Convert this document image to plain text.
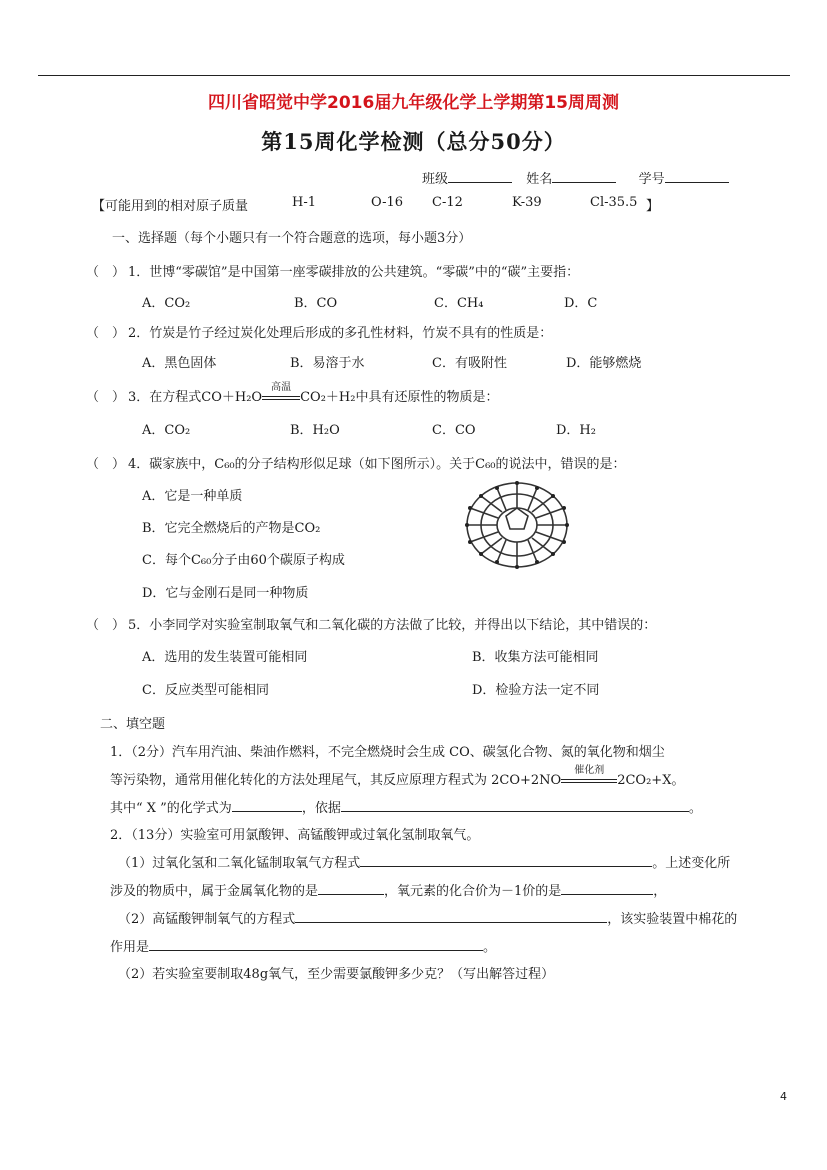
四川省昭觉中学2016届九年级化学上学期第15周周测
第15周化学检测（总分50分）
班级	姓名	学号
【可能用到的相对原子质量	H-1	O-16 C-12	K-39	Cl-35.5 】
一、选择题（每个小题只有一个符合题意的选项，每小题3分）
（ ） 1．世博“零碳馆”是中国第一座零碳排放的公共建筑。“零碳”中的“碳”主要指：
A．CO₂	B．CO	C．CH₄	D．C
（ ） 2．竹炭是竹子经过炭化处理后形成的多孔性材料，竹炭不具有的性质是：
A．黑色固体	B．易溶于水	C．有吸附性	D．能够燃烧
（ ） 3．在方程式CO＋H₂O
高温
CO₂＋H₂中具有还原性的物质是：
A．CO₂	B．H₂O	C．CO	D．H₂
（ ） 4．碳家族中，C₆₀的分子结构形似足球（如下图所示）。关于C₆₀的说法中，错误的是：
A．它是一种单质
B．它完全燃烧后的产物是CO₂
C．每个C₆₀分子由60个碳原子构成
D．它与金刚石是同一种物质
（ ） 5．小李同学对实验室制取氧气和二氧化碳的方法做了比较，并得出以下结论，其中错误的：
A．选用的发生装置可能相同	B．收集方法可能相同
C．反应类型可能相同	D．检验方法一定不同
二、填空题
1．（2分）汽车用汽油、柴油作燃料，不完全燃烧时会生成 CO、碳氢化合物、氮的氧化物和烟尘
等污染物，通常用催化转化的方法处理尾气，其反应原理方程式为 2CO+2NO
催化剂
2CO₂+X。
其中“ X ”的化学式为	，依据	。
2．（13分）实验室可用氯酸钾、高锰酸钾或过氧化氢制取氧气。
（1）过氧化氢和二氧化锰制取氧气方程式	。上述变化所
涉及的物质中，属于金属氧化物的是	，氧元素的化合价为－1价的是	，
（2）高锰酸钾制氧气的方程式	，该实验装置中棉花的
作用是	。
（2）若实验室要制取48g氧气，至少需要氯酸钾多少克？（写出解答过程）
4
